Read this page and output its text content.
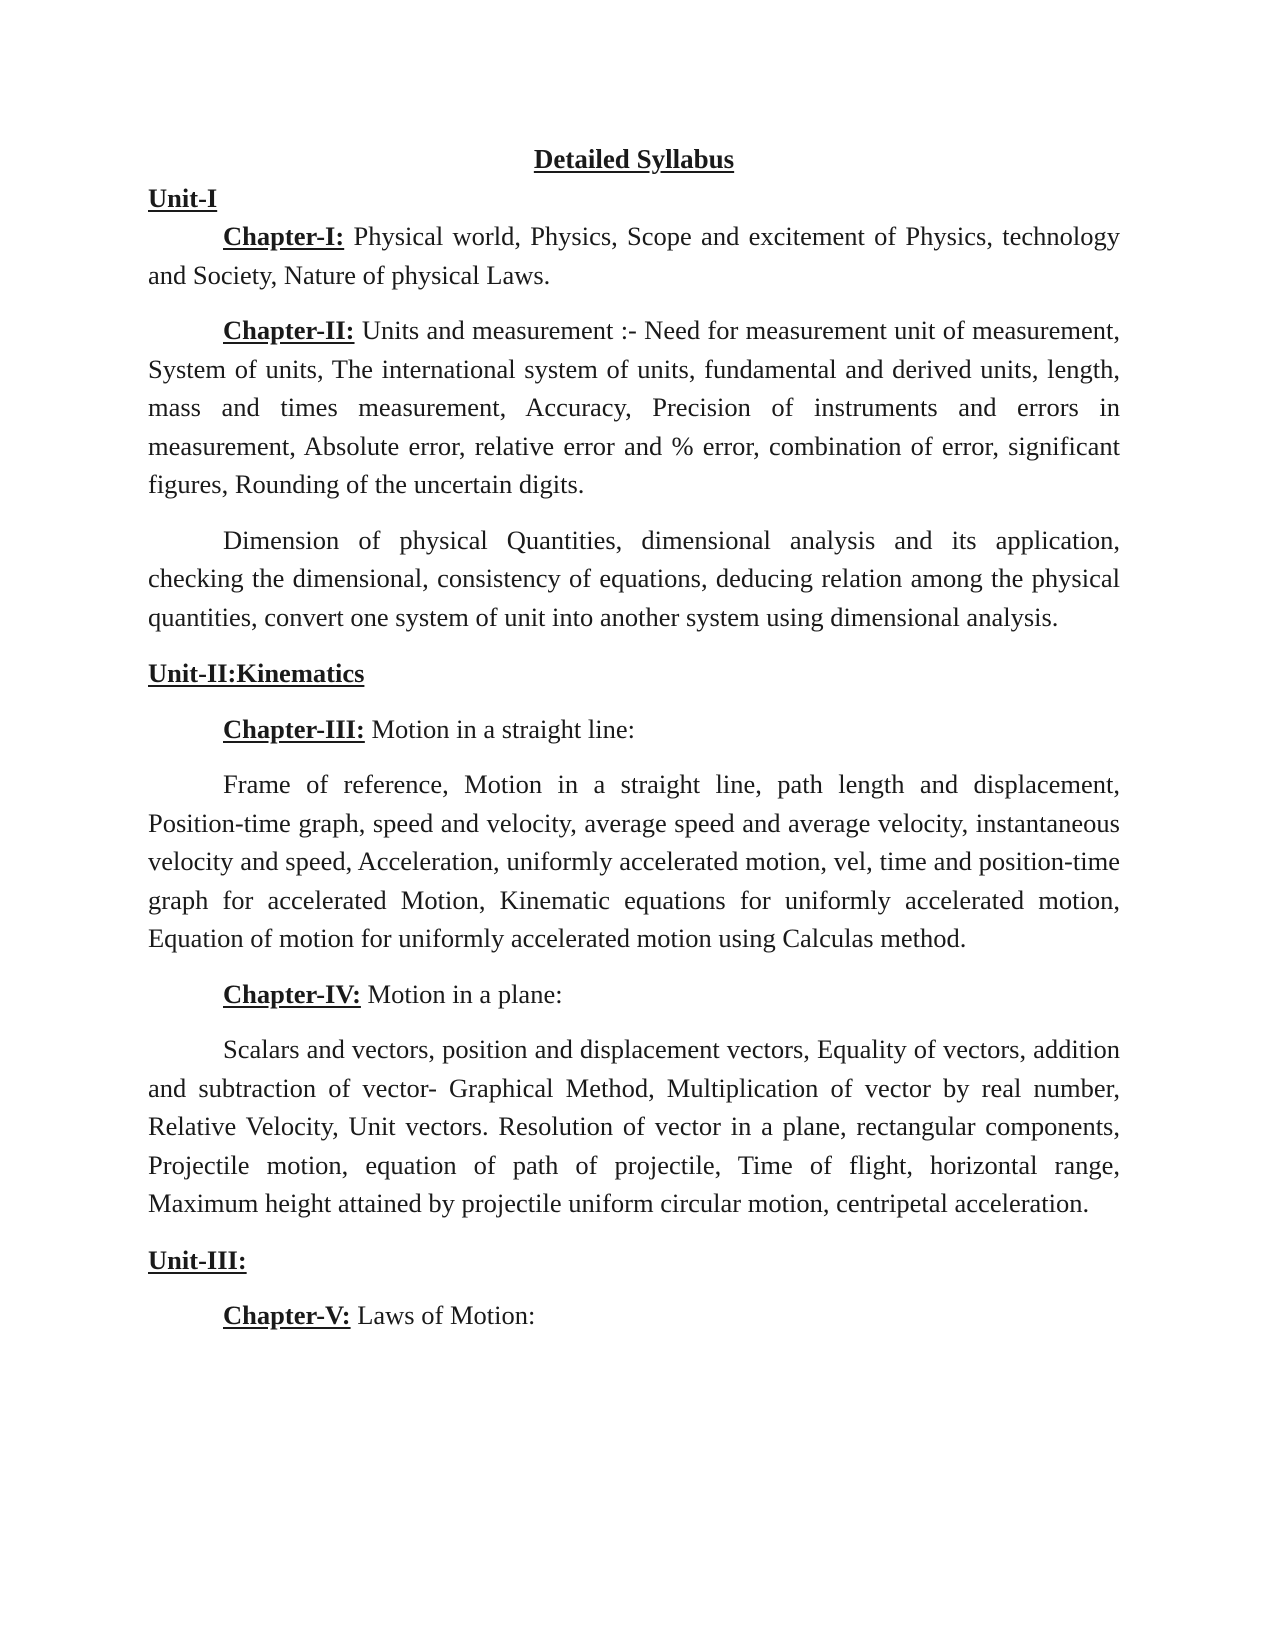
Detailed Syllabus

Unit-I

Chapter-I: Physical world, Physics, Scope and excitement of Physics, technology and Society, Nature of physical Laws.

Chapter-II: Units and measurement :- Need for measurement unit of measurement, System of units, The international system of units, fundamental and derived units, length, mass and times measurement, Accuracy, Precision of instruments and errors in measurement, Absolute error, relative error and % error, combination of error, significant figures, Rounding of the uncertain digits.

Dimension of physical Quantities, dimensional analysis and its application, checking the dimensional, consistency of equations, deducing relation among the physical quantities, convert one system of unit into another system using dimensional analysis.

Unit-II:Kinematics

Chapter-III: Motion in a straight line:

Frame of reference, Motion in a straight line, path length and displacement, Position-time graph, speed and velocity, average speed and average velocity, instantaneous velocity and speed, Acceleration, uniformly accelerated motion, vel, time and position-time graph for accelerated Motion, Kinematic equations for uniformly accelerated motion, Equation of motion for uniformly accelerated motion using Calculas method.

Chapter-IV: Motion in a plane:

Scalars and vectors, position and displacement vectors, Equality of vectors, addition and subtraction of vector- Graphical Method, Multiplication of vector by real number, Relative Velocity, Unit vectors. Resolution of vector in a plane, rectangular components, Projectile motion, equation of path of projectile, Time of flight, horizontal range, Maximum height attained by projectile uniform circular motion, centripetal acceleration.

Unit-III:

Chapter-V: Laws of Motion:
